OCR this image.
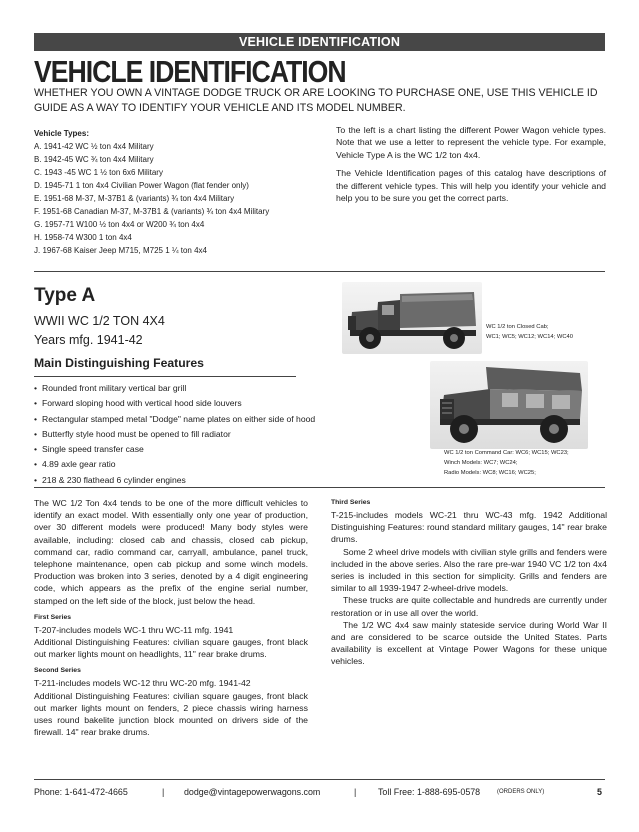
VEHICLE IDENTIFICATION
VEHICLE IDENTIFICATION
WHETHER YOU OWN A VINTAGE DODGE TRUCK OR ARE LOOKING TO PURCHASE ONE, USE THIS VEHICLE ID GUIDE AS A WAY TO IDENTIFY YOUR VEHICLE AND ITS MODEL NUMBER.
Vehicle Types:
A. 1941-42 WC ½ ton 4x4 Military
B. 1942-45 WC ¾ ton 4x4 Military
C. 1943 -45 WC 1 ½ ton 6x6 Military
D. 1945-71 1 ton 4x4 Civilian Power Wagon (flat fender only)
E. 1951-68 M-37, M-37B1 & (variants) ¾ ton 4x4 Military
F. 1951-68 Canadian M-37, M-37B1 & (variants) ¾ ton 4x4 Military
G. 1957-71 W100 ½ ton 4x4 or W200 ¾ ton 4x4
H. 1958-74 W300 1 ton 4x4
J. 1967-68 Kaiser Jeep M715, M725 1 ¼ ton 4x4

To the left is a chart listing the different Power Wagon vehicle types. Note that we use a letter to represent the vehicle type. For example, Vehicle Type A is the WC 1/2 ton 4x4.

The Vehicle Identification pages of this catalog have descriptions of the different vehicle types. This will help you identify your vehicle and help you to be sure you get the correct parts.

Type A
WWII WC 1/2 TON 4X4
Years mfg. 1941-42
Main Distinguishing Features
• Rounded front military vertical bar grill
• Forward sloping hood with vertical hood side louvers
• Rectangular stamped metal "Dodge" name plates on either side of hood
• Butterfly style hood must be opened to fill radiator
• Single speed transfer case
• 4.89 axle gear ratio
• 218 & 230 flathead 6 cylinder engines
WC 1/2 ton Closed Cab;
WC1; WC5; WC12; WC14; WC40
WC 1/2 ton Command Car: WC6; WC15; WC23;
Winch Models: WC7; WC24;
Radio Models: WC8; WC16; WC25;

The WC 1/2 Ton 4x4 tends to be one of the more difficult vehicles to identify an exact model. With essentially only one year of production, over 30 different models were produced! Many body styles were available, including: closed cab and chassis, closed cab pickup, command car, radio command car, carryall, ambulance, panel truck, telephone maintenance, open cab pickup and some winch models. Production was broken into 3 series, denoted by a 4 digit engineering code, which appears as the prefix of the engine serial number, stamped on the left side of the block, just below the head.

First Series

T-207-includes models WC-1 thru WC-11 mfg. 1941

Additional Distinguishing Features: civilian square gauges, front black out marker lights mount on headlights, 11" rear brake drums.

Second Series

T-211-includes models WC-12 thru WC-20 mfg. 1941-42

Additional Distinguishing Features: civilian square gauges, front black out marker lights mount on fenders, 2 piece chassis wiring harness uses round bakelite junction block mounted on drivers side of the firewall. 14" rear brake drums.

Third Series

T-215-includes models WC-21 thru WC-43 mfg. 1942 Additional Distinguishing Features: round standard military gauges, 14" rear brake drums.

Some 2 wheel drive models with civilian style grills and fenders were included in the above series. Also the rare pre-war 1940 VC 1/2 ton 4x4 series is included in this section for simplicity. Grills and fenders are similar to all 1939-1947 2-wheel-drive models.

These trucks are quite collectable and hundreds are currently under restoration or in use all over the world.

The 1/2 WC 4x4 saw mainly stateside service during World War II and are considered to be scarce outside the United States. Parts availability is excellent at Vintage Power Wagons for these unique vehicles.

Phone: 1-641-472-4665	| dodge@vintagepowerwagons.com	| Toll Free: 1-888-695-0578	(ORDERS ONLY)	5
